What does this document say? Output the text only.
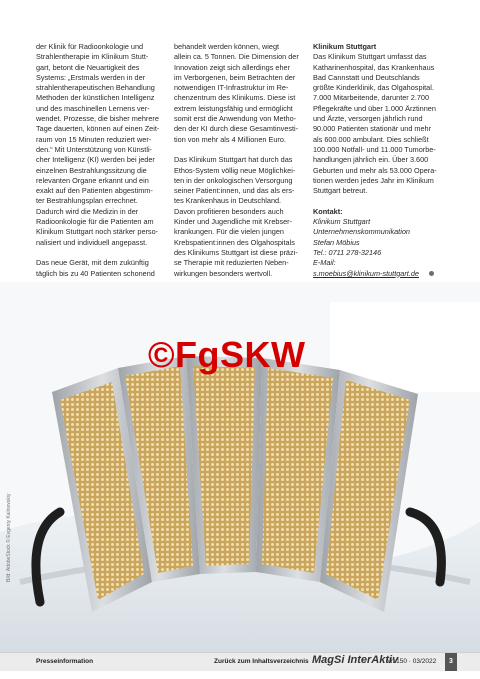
der Klinik für Radioonkologie und
Strahlentherapie im Klinikum Stutt-
gart, betont die Neuartigkeit des
Systems: „Erstmals werden in der
strahlentherapeutischen Behandlung
Methoden der künstlichen Intelligenz
und des maschinellen Lernens ver-
wendet. Prozesse, die bisher mehrere
Tage dauerten, können auf einen Zeit-
raum von 15 Minuten reduziert wer-
den.“ Mit Unterstützung von Künstli-
cher Intelligenz (KI) werden bei jeder
einzelnen Bestrahlungssitzung die
relevanten Organe erkannt und ein
exakt auf den Patienten abgestimm-
ter Bestrahlungsplan errechnet.
Dadurch wird die Medizin in der
Radioonkologie für die Patienten am
Klinikum Stuttgart noch stärker perso-
nalisiert und individuell angepasst.

Das neue Gerät, mit dem zukünftig
täglich bis zu 40 Patienten schonend

behandelt werden können, wiegt
allein ca. 5 Tonnen. Die Dimension der
Innovation zeigt sich allerdings eher
im Verborgenen, beim Betrachten der
notwendigen IT-Infrastruktur im Re-
chenzentrum des Klinikums. Diese ist
extrem leistungsfähig und ermöglicht
somit erst die Anwendung von Metho-
den der KI durch diese Gesamtinvesti-
tion von mehr als 4 Millionen Euro.

Das Klinikum Stuttgart hat durch das
Ethos-System völlig neue Möglichkei-
ten in der onkologischen Versorgung
seiner Patient:innen, und das als ers-
tes Krankenhaus in Deutschland.
Davon profitieren besonders auch
Kinder und Jugendliche mit Krebser-
krankungen. Für die vielen jungen
Krebspatient:innen des Olgahospitals
des Klinikums Stuttgart ist diese präzi-
se Therapie mit reduzierten Neben-
wirkungen besonders wertvoll.

Klinikum Stuttgart

Das Klinikum Stuttgart umfasst das
Katharinenhospital, das Krankenhaus
Bad Cannstatt und Deutschlands
größte Kinderklinik, das Olgahospital.
7.000 Mitarbeitende, darunter 2.700
Pflegekräfte und über 1.000 Ärztinnen
und Ärzte, versorgen jährlich rund
90.000 Patienten stationär und mehr
als 600.000 ambulant. Dies schließt
100.000 Notfall- und 11.000 Tumorbe-
handlungen jährlich ein. Über 3.600
Geburten und mehr als 53.000 Opera-
tionen werden jedes Jahr im Klinikum
Stuttgart betreut.

Kontakt:
Klinikum Stuttgart
Unternehmenskommunikation
Stefan Möbius
Tel.: 0711 278-32146
E-Mail:
s.moebius@klinikum-stuttgart.de
©FgSKW
Bild: AdobeStock © Evgeniy Kalinovskiy
Presseinformation	Zurück zum Inhaltsverzeichnis MagSi InterAktiv
Nr. 150 · 03/2022	3
